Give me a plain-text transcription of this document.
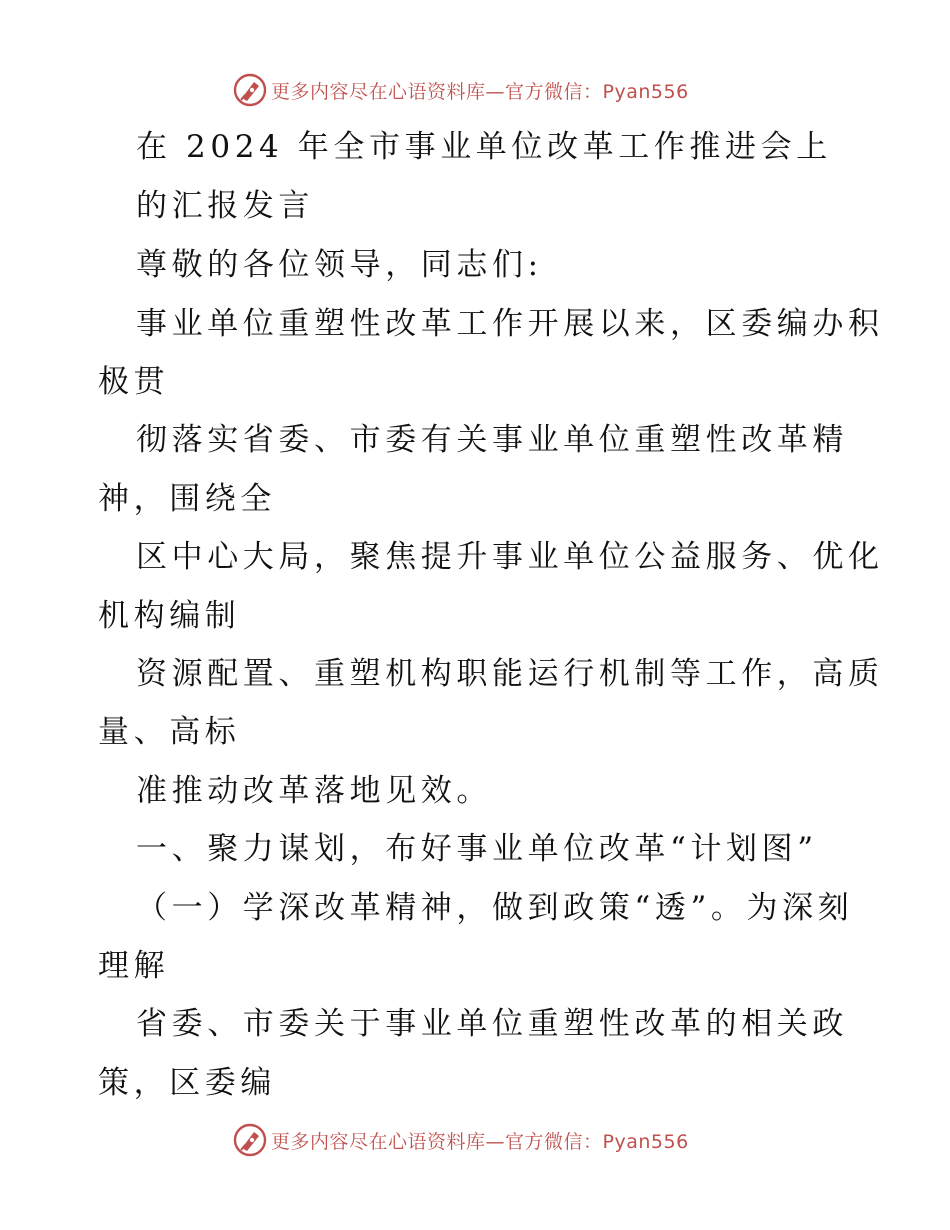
更多内容尽在心语资料库—官方微信：Pyan556
在 2024 年全市事业单位改革工作推进会上
的汇报发言
尊敬的各位领导，同志们:
事业单位重塑性改革工作开展以来，区委编办积
极贯
彻落实省委、市委有关事业单位重塑性改革精
神，围绕全
区中心大局，聚焦提升事业单位公益服务、优化
机构编制
资源配置、重塑机构职能运行机制等工作，高质
量、高标
准推动改革落地见效。
一、聚力谋划，布好事业单位改革“计划图”
（一）学深改革精神，做到政策“透”。为深刻
理解
省委、市委关于事业单位重塑性改革的相关政
策，区委编
更多内容尽在心语资料库—官方微信：Pyan556
